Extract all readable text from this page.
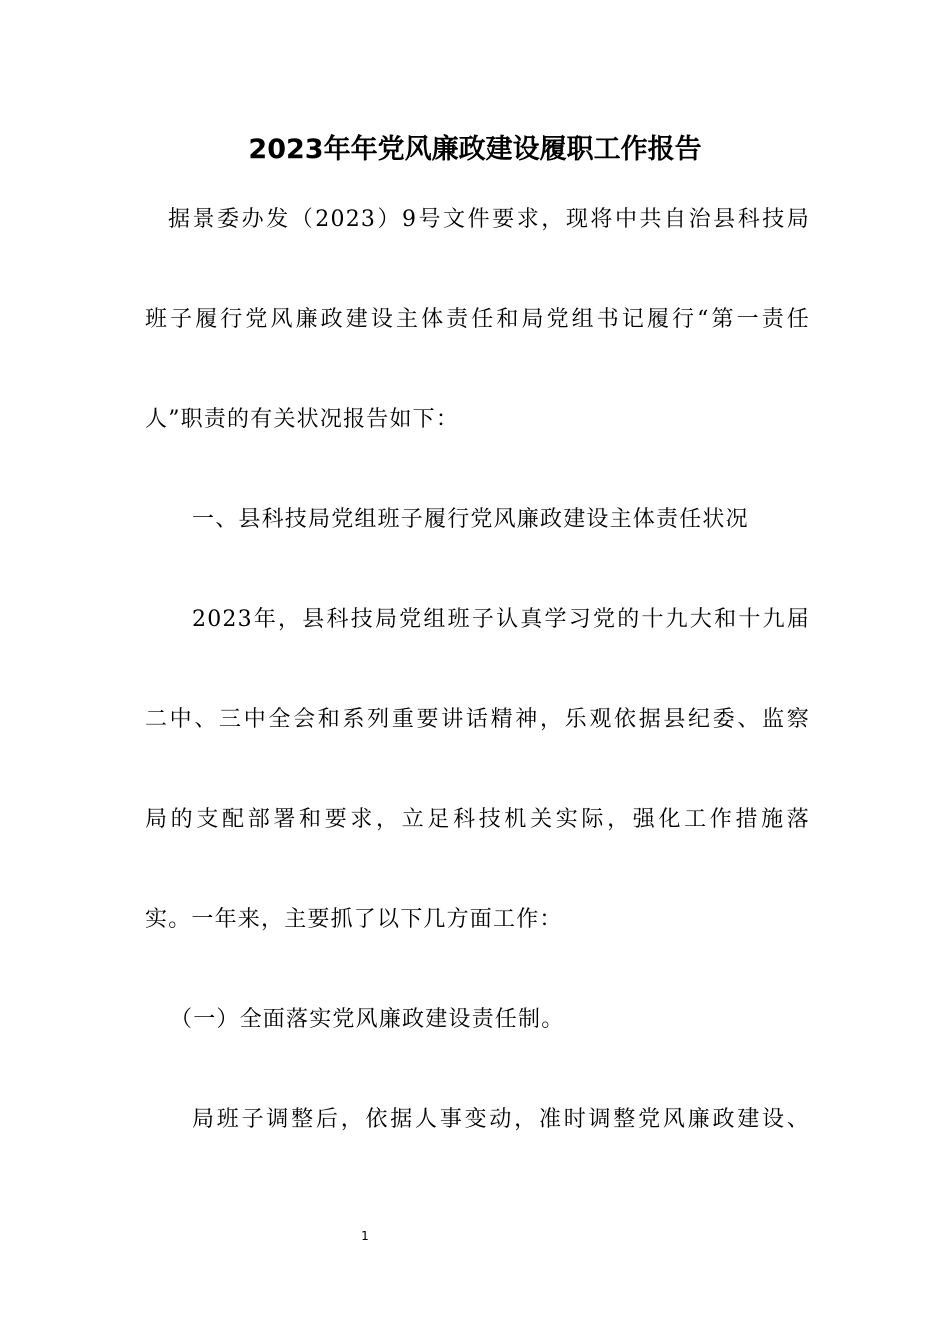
2023年年党风廉政建设履职工作报告
据景委办发（2023）9号文件要求，现将中共自治县科技局
班子履行党风廉政建设主体责任和局党组书记履行“第一责任
人”职责的有关状况报告如下：
一、县科技局党组班子履行党风廉政建设主体责任状况
2023年，县科技局党组班子认真学习党的十九大和十九届
二中、三中全会和系列重要讲话精神，乐观依据县纪委、监察
局的支配部署和要求，立足科技机关实际，强化工作措施落
实。一年来，主要抓了以下几方面工作：
（一）全面落实党风廉政建设责任制。
局班子调整后，依据人事变动，准时调整党风廉政建设、
1
